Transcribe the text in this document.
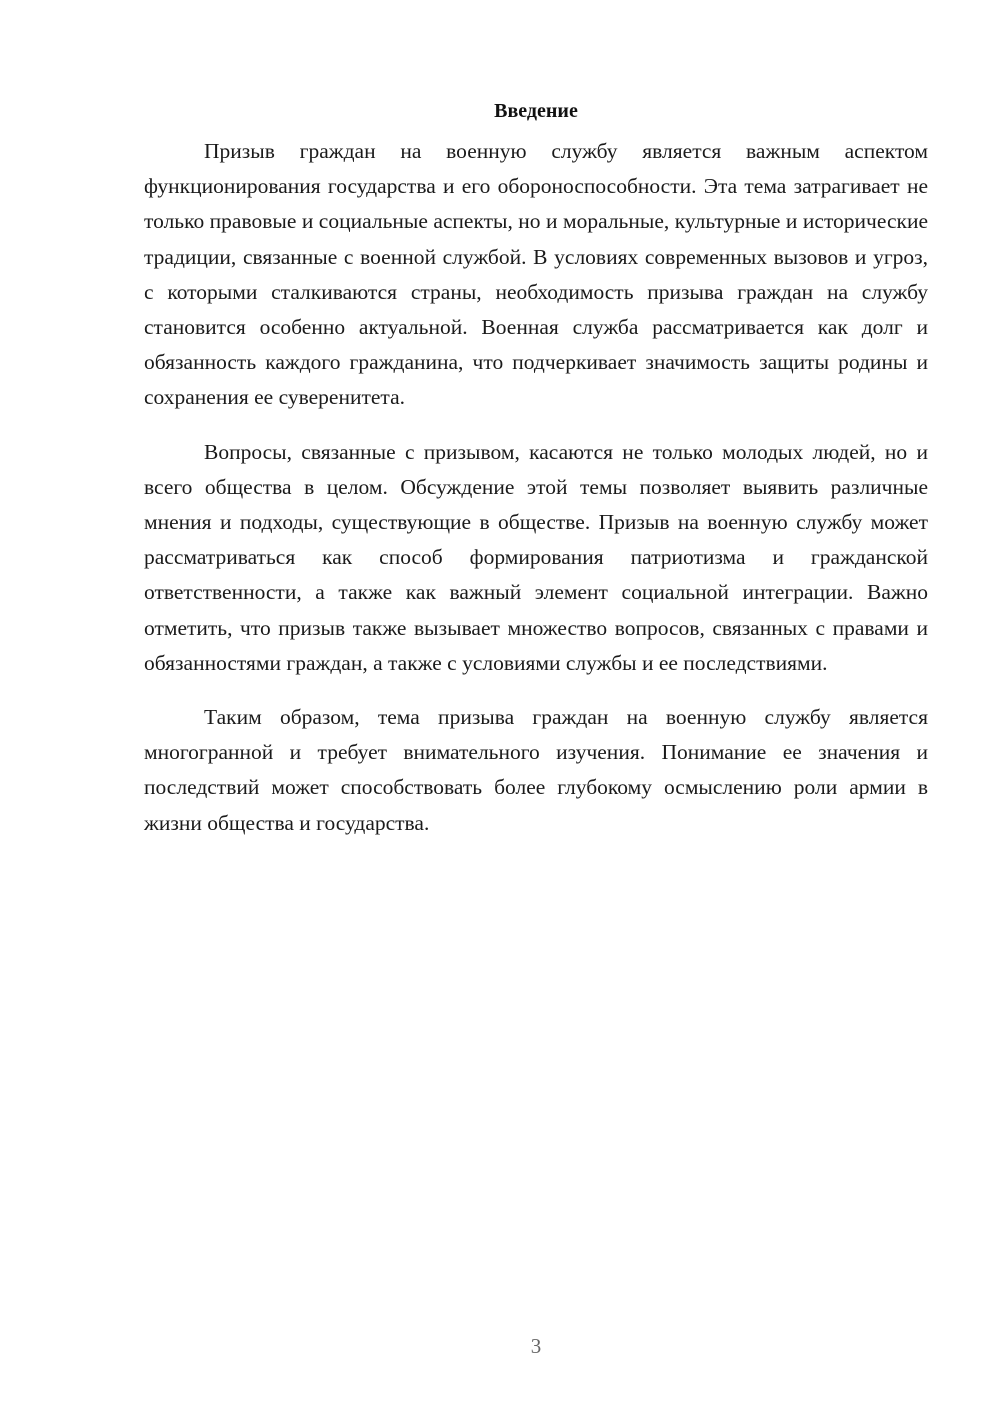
Введение

Призыв граждан на военную службу является важным аспектом функционирования государства и его обороноспособности. Эта тема затрагивает не только правовые и социальные аспекты, но и моральные, культурные и исторические традиции, связанные с военной службой. В условиях современных вызовов и угроз, с которыми сталкиваются страны, необходимость призыва граждан на службу становится особенно актуальной. Военная служба рассматривается как долг и обязанность каждого гражданина, что подчеркивает значимость защиты родины и сохранения ее суверенитета.

Вопросы, связанные с призывом, касаются не только молодых людей, но и всего общества в целом. Обсуждение этой темы позволяет выявить различные мнения и подходы, существующие в обществе. Призыв на военную службу может рассматриваться как способ формирования патриотизма и гражданской ответственности, а также как важный элемент социальной интеграции. Важно отметить, что призыв также вызывает множество вопросов, связанных с правами и обязанностями граждан, а также с условиями службы и ее последствиями.

Таким образом, тема призыва граждан на военную службу является многогранной и требует внимательного изучения. Понимание ее значения и последствий может способствовать более глубокому осмыслению роли армии в жизни общества и государства.

3
